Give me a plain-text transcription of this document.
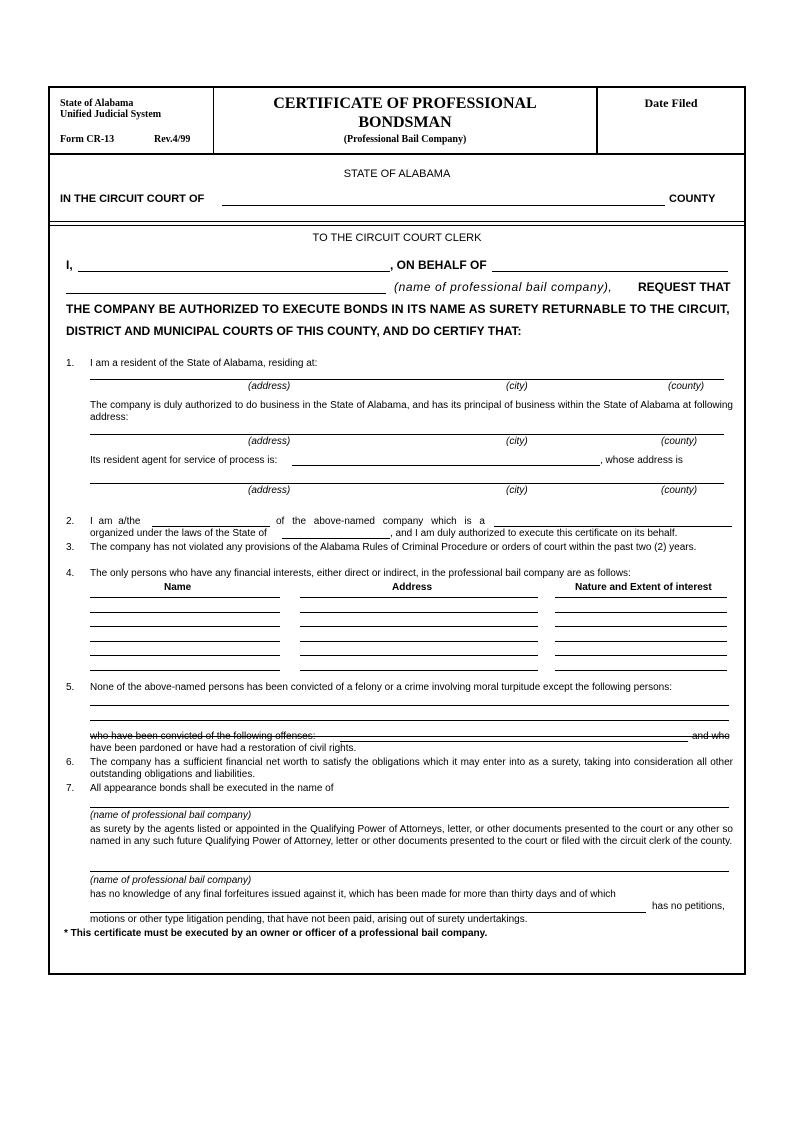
State of Alabama
Unified Judicial System
Form CR-13	Rev.4/99
CERTIFICATE OF PROFESSIONAL
BONDSMAN
(Professional Bail Company)
Date Filed
STATE OF ALABAMA
IN THE CIRCUIT COURT OF	COUNTY
TO THE CIRCUIT COURT CLERK
I,	, ON BEHALF OF
(name of professional bail company), REQUEST THAT
THE COMPANY BE AUTHORIZED TO EXECUTE BONDS IN ITS NAME AS SURETY RETURNABLE TO THE CIRCUIT,
DISTRICT AND MUNICIPAL COURTS OF THIS COUNTY, AND DO CERTIFY THAT:
1. I am a resident of the State of Alabama, residing at:
(address)	(city)	(county)
The company is duly authorized to do business in the State of Alabama, and has its principal of business within the State of Alabama at following address:
(address)	(city)	(county)
Its resident agent for service of process is:	, whose address is
(address)	(city)	(county)
2. I am a/the	of the above-named company which is a
organized under the laws of the State of	, and I am duly authorized to execute this certificate on its behalf.
3. The company has not violated any provisions of the Alabama Rules of Criminal Procedure or orders of court within the past two (2) years.
4. The only persons who have any financial interests, either direct or indirect, in the professional bail company are as follows:
Name	Address	Nature and Extent of interest
5. None of the above-named persons has been convicted of a felony or a crime involving moral turpitude except the following persons:
who have been convicted of the following offenses:	and who
have been pardoned or have had a restoration of civil rights.
6. The company has a sufficient financial net worth to satisfy the obligations which it may enter into as a surety, taking into consideration all other outstanding obligations and liabilities.
7. All appearance bonds shall be executed in the name of
(name of professional bail company)
as surety by the agents listed or appointed in the Qualifying Power of Attorneys, letter, or other documents presented to the court or any other so named in any such future Qualifying Power of Attorney, letter or other documents presented to the court or filed with the circuit clerk of the county.
(name of professional bail company)
has no knowledge of any final forfeitures issued against it, which has been made for more than thirty days and of which
has no petitions,
motions or other type litigation pending, that have not been paid, arising out of surety undertakings.
* This certificate must be executed by an owner or officer of a professional bail company.
